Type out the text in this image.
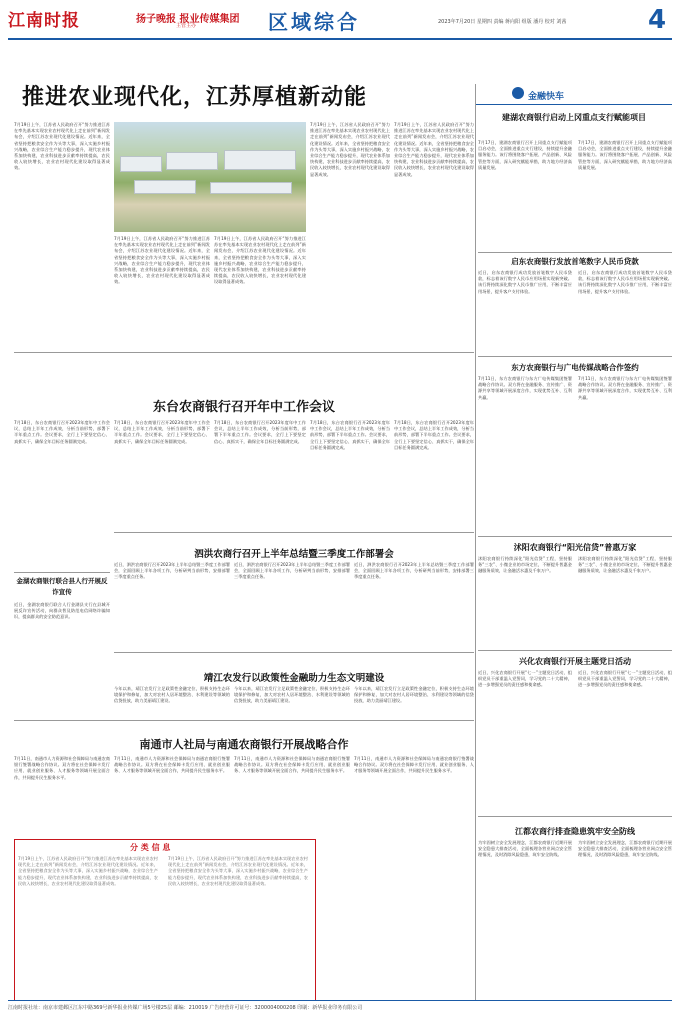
江南时报	扬子晚报 报业传媒集团
主管主办	区域综合	2023年7月20日 星期四 责编 蒋向阳 组版 潘丹 校对 刘茜	4
推进农业现代化，江苏厚植新动能
7月19日上午，江苏省人民政府召开“努力推进江苏在率先基本实现农业农村现代化上走在前列”新闻发布会，介绍江苏农业现代化建设情况。近年来，全省坚持把粮食安全作为头等大事，深入实施乡村振兴战略，农业综合生产能力稳步提升，现代农业体系加快构建，农业科技进步贡献率持续提高，农民收入较快增长，农业农村现代化建设取得显著成效。
7月19日上午，江苏省人民政府召开“努力推进江苏在率先基本实现农业农村现代化上走在前列”新闻发布会，介绍江苏农业现代化建设情况。近年来，全省坚持把粮食安全作为头等大事，深入实施乡村振兴战略，农业综合生产能力稳步提升，现代农业体系加快构建，农业科技进步贡献率持续提高，农民收入较快增长，农业农村现代化建设取得显著成效。
7月19日上午，江苏省人民政府召开“努力推进江苏在率先基本实现农业农村现代化上走在前列”新闻发布会，介绍江苏农业现代化建设情况。近年来，全省坚持把粮食安全作为头等大事，深入实施乡村振兴战略，农业综合生产能力稳步提升，现代农业体系加快构建，农业科技进步贡献率持续提高，农民收入较快增长，农业农村现代化建设取得显著成效。
7月19日上午，江苏省人民政府召开“努力推进江苏在率先基本实现农业农村现代化上走在前列”新闻发布会，介绍江苏农业现代化建设情况。近年来，全省坚持把粮食安全作为头等大事，深入实施乡村振兴战略，农业综合生产能力稳步提升，现代农业体系加快构建，农业科技进步贡献率持续提高，农民收入较快增长，农业农村现代化建设取得显著成效。
7月19日上午，江苏省人民政府召开“努力推进江苏在率先基本实现农业农村现代化上走在前列”新闻发布会，介绍江苏农业现代化建设情况。近年来，全省坚持把粮食安全作为头等大事，深入实施乡村振兴战略，农业综合生产能力稳步提升，现代农业体系加快构建，农业科技进步贡献率持续提高，农民收入较快增长，农业农村现代化建设取得显著成效。
金融快车
建湖农商银行启动上冈重点支行赋能项目
7月17日，建湖农商银行召开上冈重点支行赋能项目启动会，全面推进重点支行建设，持续提升金融服务能力。该行将围绕客户拓展、产品创新、风险管控等方面，深入研究赋能举措，助力地方经济高质量发展。
7月17日，建湖农商银行召开上冈重点支行赋能项目启动会，全面推进重点支行建设，持续提升金融服务能力。该行将围绕客户拓展、产品创新、风险管控等方面，深入研究赋能举措，助力地方经济高质量发展。
启东农商银行发放首笔数字人民币贷款
近日，启东农商银行成功发放首笔数字人民币贷款，标志着该行数字人民币应用场景实现新突破。该行将持续深化数字人民币推广应用，不断丰富应用场景，提升客户支付体验。
近日，启东农商银行成功发放首笔数字人民币贷款，标志着该行数字人民币应用场景实现新突破。该行将持续深化数字人民币推广应用，不断丰富应用场景，提升客户支付体验。
东台农商银行召开年中工作会议
7月18日，东台农商银行召开2023年度年中工作会议，总结上半年工作成效，分析当前形势，部署下半年重点工作。会议要求，全行上下要坚定信心、真抓实干，确保全年目标任务圆满完成。
7月18日，东台农商银行召开2023年度年中工作会议，总结上半年工作成效，分析当前形势，部署下半年重点工作。会议要求，全行上下要坚定信心、真抓实干，确保全年目标任务圆满完成。
7月18日，东台农商银行召开2023年度年中工作会议，总结上半年工作成效，分析当前形势，部署下半年重点工作。会议要求，全行上下要坚定信心、真抓实干，确保全年目标任务圆满完成。
7月18日，东台农商银行召开2023年度年中工作会议，总结上半年工作成效，分析当前形势，部署下半年重点工作。会议要求，全行上下要坚定信心、真抓实干，确保全年目标任务圆满完成。
7月18日，东台农商银行召开2023年度年中工作会议，总结上半年工作成效，分析当前形势，部署下半年重点工作。会议要求，全行上下要坚定信心、真抓实干，确保全年目标任务圆满完成。
东方农商银行与广电传媒战略合作签约
7月11日，东方农商银行与东方广电传媒集团签署战略合作协议。双方将在金融服务、宣传推广、资源共享等领域开展深度合作，实现优势互补、互利共赢。
7月11日，东方农商银行与东方广电传媒集团签署战略合作协议。双方将在金融服务、宣传推广、资源共享等领域开展深度合作，实现优势互补、互利共赢。
金湖农商银行联合县人行开展反诈宣传
近日，金湖农商银行联合人行金湖县支行在县城开展反诈宣传活动，向群众普及防范电信网络诈骗知识，提高群众的安全防范意识。
泗洪农商行召开上半年总结暨三季度工作部署会
近日，泗洪农商银行召开2023年上半年总结暨三季度工作部署会，全面回顾上半年各项工作，分析研判当前形势，安排部署三季度重点任务。
近日，泗洪农商银行召开2023年上半年总结暨三季度工作部署会，全面回顾上半年各项工作，分析研判当前形势，安排部署三季度重点任务。
近日，泗洪农商银行召开2023年上半年总结暨三季度工作部署会，全面回顾上半年各项工作，分析研判当前形势，安排部署三季度重点任务。
沭阳农商银行“阳光信贷”普惠万家
沭阳农商银行持续深化“阳光信贷”工程，坚持服务“三农”、小微企业的市场定位，不断提升普惠金融服务质效，让金融活水惠及千家万户。
沭阳农商银行持续深化“阳光信贷”工程，坚持服务“三农”、小微企业的市场定位，不断提升普惠金融服务质效，让金融活水惠及千家万户。
靖江农发行以政策性金融助力生态文明建设
今年以来，靖江农发行立足政策性金融定位，积极支持生态环境保护和修复，加大对农村人居环境整治、水利建设等领域的信贷投放，助力美丽靖江建设。
今年以来，靖江农发行立足政策性金融定位，积极支持生态环境保护和修复，加大对农村人居环境整治、水利建设等领域的信贷投放，助力美丽靖江建设。
今年以来，靖江农发行立足政策性金融定位，积极支持生态环境保护和修复，加大对农村人居环境整治、水利建设等领域的信贷投放，助力美丽靖江建设。
兴化农商银行开展主题党日活动
近日，兴化农商银行开展“七一”主题党日活动，组织党员干部重温入党誓词，学习党的二十大精神，进一步增强党员的责任感和使命感。
近日，兴化农商银行开展“七一”主题党日活动，组织党员干部重温入党誓词，学习党的二十大精神，进一步增强党员的责任感和使命感。
南通市人社局与南通农商银行开展战略合作
7月11日，南通市人力资源和社会保障局与南通农商银行签署战略合作协议。双方将在社会保障卡发行应用、就业创业服务、人才服务等领域开展全面合作，共同提升民生服务水平。
7月11日，南通市人力资源和社会保障局与南通农商银行签署战略合作协议。双方将在社会保障卡发行应用、就业创业服务、人才服务等领域开展全面合作，共同提升民生服务水平。
7月11日，南通市人力资源和社会保障局与南通农商银行签署战略合作协议。双方将在社会保障卡发行应用、就业创业服务、人才服务等领域开展全面合作，共同提升民生服务水平。
7月11日，南通市人力资源和社会保障局与南通农商银行签署战略合作协议。双方将在社会保障卡发行应用、就业创业服务、人才服务等领域开展全面合作，共同提升民生服务水平。
江都农商行排查隐患筑牢安全防线
为牢固树立安全发展理念，江都农商银行近期开展安全隐患大排查活动，全面梳理各营业网点安全管理情况，及时消除风险隐患，筑牢安全防线。
为牢固树立安全发展理念，江都农商银行近期开展安全隐患大排查活动，全面梳理各营业网点安全管理情况，及时消除风险隐患，筑牢安全防线。
分 类 信 息
7月19日上午，江苏省人民政府召开“努力推进江苏在率先基本实现农业农村现代化上走在前列”新闻发布会，介绍江苏农业现代化建设情况。近年来，全省坚持把粮食安全作为头等大事，深入实施乡村振兴战略，农业综合生产能力稳步提升，现代农业体系加快构建，农业科技进步贡献率持续提高，农民收入较快增长，农业农村现代化建设取得显著成效。
7月19日上午，江苏省人民政府召开“努力推进江苏在率先基本实现农业农村现代化上走在前列”新闻发布会，介绍江苏农业现代化建设情况。近年来，全省坚持把粮食安全作为头等大事，深入实施乡村振兴战略，农业综合生产能力稳步提升，现代农业体系加快构建，农业科技进步贡献率持续提高，农民收入较快增长，农业农村现代化建设取得显著成效。
江南时报社址：南京市建邺区江东中路369号新华报业传媒广场5号楼25层 邮编：210019 广告经营许可证号：3200004000208 印刷：新华报业印务有限公司
